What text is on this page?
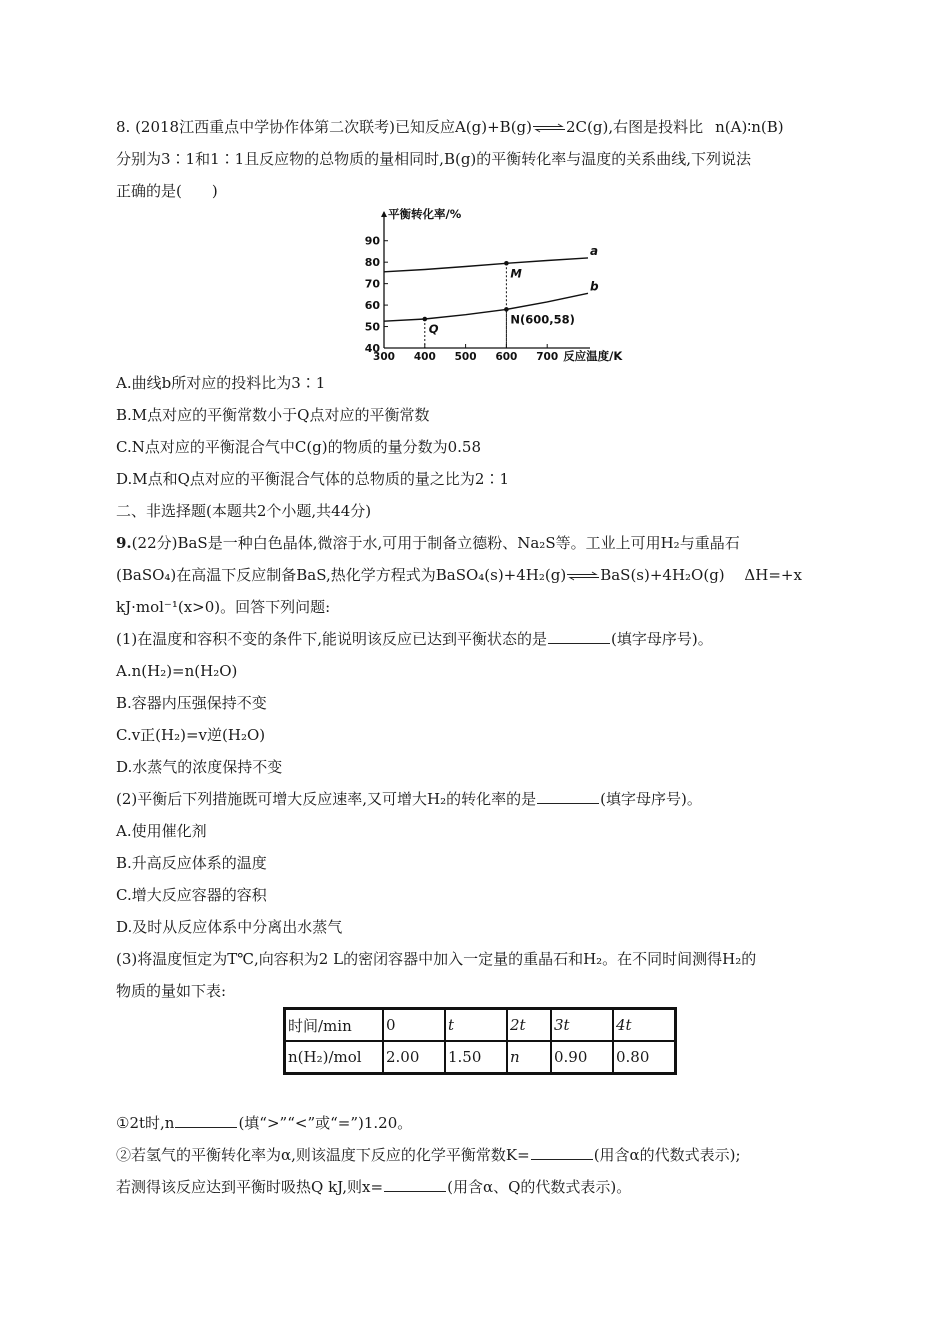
8. (2018江西重点中学协作体第二次联考)已知反应A(g)+B(g)⇌2C(g),右图是投料比 n(A)∶n(B)
分别为3∶1和1∶1且反应物的总物质的量相同时,B(g)的平衡转化率与温度的关系曲线,下列说法
正确的是(　　)
40
50
60
70
80
90
300 400 500 600 700
平衡转化率/%
反应温度/K
a
b
M
Q
N(600,58)
A.曲线b所对应的投料比为3∶1
B.M点对应的平衡常数小于Q点对应的平衡常数
C.N点对应的平衡混合气中C(g)的物质的量分数为0.58
D.M点和Q点对应的平衡混合气体的总物质的量之比为2∶1
二、非选择题(本题共2个小题,共44分)
9.(22分)BaS是一种白色晶体,微溶于水,可用于制备立德粉、Na₂S等。工业上可用H₂与重晶石
(BaSO₄)在高温下反应制备BaS,热化学方程式为BaSO₄(s)+4H₂(g)⇌BaS(s)+4H₂O(g)　 ΔH=+x
kJ·mol⁻¹(x>0)。回答下列问题:
(1)在温度和容积不变的条件下,能说明该反应已达到平衡状态的是	(填字母序号)。
A.n(H₂)=n(H₂O)
B.容器内压强保持不变
C.v正(H₂)=v逆(H₂O)
D.水蒸气的浓度保持不变
(2)平衡后下列措施既可增大反应速率,又可增大H₂的转化率的是	(填字母序号)。
A.使用催化剂
B.升高反应体系的温度
C.增大反应容器的容积
D.及时从反应体系中分离出水蒸气
(3)将温度恒定为T℃,向容积为2 L的密闭容器中加入一定量的重晶石和H₂。在不同时间测得H₂的
物质的量如下表:
时间/min	0	t	2t	3t	4t
n(H₂)/mol	2.00	1.50	n	0.90	0.80
①2t时,n	(填“>”“<”或“=”)1.20。
②若氢气的平衡转化率为α,则该温度下反应的化学平衡常数K=	(用含α的代数式表示);
若测得该反应达到平衡时吸热Q kJ,则x=	(用含α、Q的代数式表示)。
